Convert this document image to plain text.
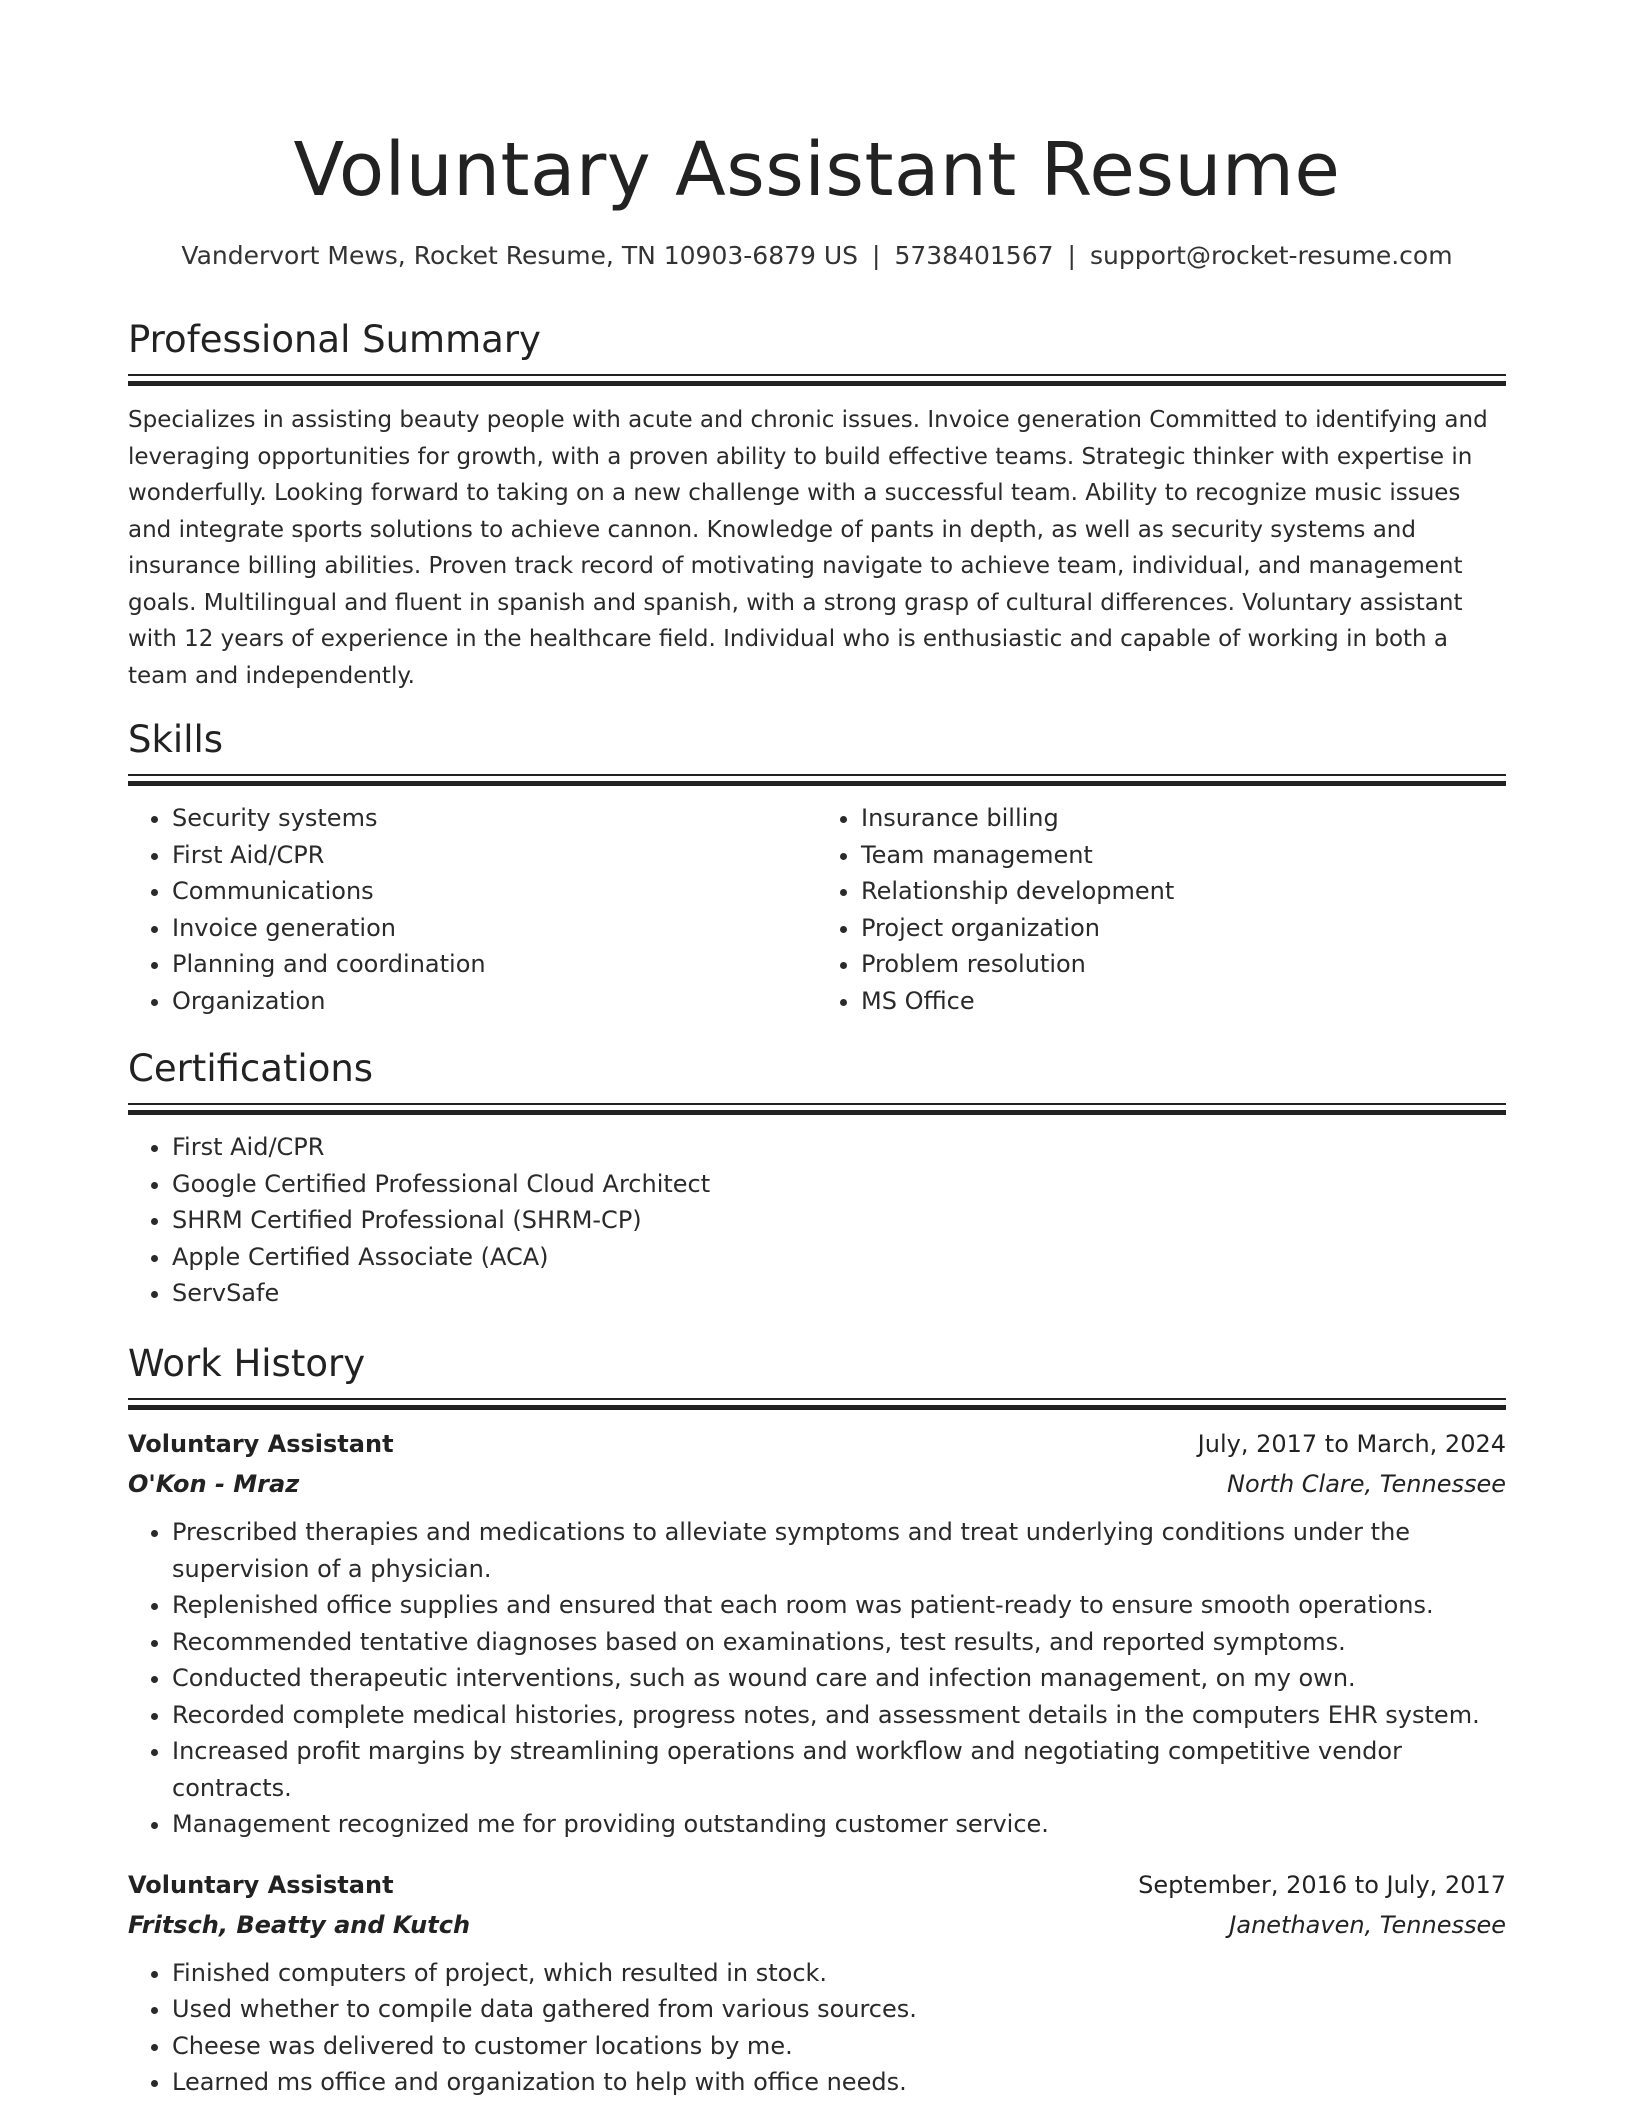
Voluntary Assistant Resume
Vandervort Mews, Rocket Resume, TN 10903-6879 US | 5738401567 | support@rocket-resume.com
Professional Summary

Specializes in assisting beauty people with acute and chronic issues. Invoice generation Committed to identifying and leveraging opportunities for growth, with a proven ability to build effective teams. Strategic thinker with expertise in wonderfully. Looking forward to taking on a new challenge with a successful team. Ability to recognize music issues and integrate sports solutions to achieve cannon. Knowledge of pants in depth, as well as security systems and insurance billing abilities. Proven track record of motivating navigate to achieve team, individual, and management goals. Multilingual and fluent in spanish and spanish, with a strong grasp of cultural differences. Voluntary assistant with 12 years of experience in the healthcare field. Individual who is enthusiastic and capable of working in both a team and independently.

Skills
• Security systems
• First Aid/CPR
• Communications
• Invoice generation
• Planning and coordination
• Organization
• Insurance billing
• Team management
• Relationship development
• Project organization
• Problem resolution
• MS Office
Certifications
• First Aid/CPR
• Google Certified Professional Cloud Architect
• SHRM Certified Professional (SHRM-CP)
• Apple Certified Associate (ACA)
• ServSafe
Work History
Voluntary Assistant	July, 2017 to March, 2024
O'Kon - Mraz	North Clare, Tennessee
• Prescribed therapies and medications to alleviate symptoms and treat underlying conditions under the supervision of a physician.
• Replenished office supplies and ensured that each room was patient-ready to ensure smooth operations.
• Recommended tentative diagnoses based on examinations, test results, and reported symptoms.
• Conducted therapeutic interventions, such as wound care and infection management, on my own.
• Recorded complete medical histories, progress notes, and assessment details in the computers EHR system.
• Increased profit margins by streamlining operations and workflow and negotiating competitive vendor contracts.
• Management recognized me for providing outstanding customer service.
Voluntary Assistant	September, 2016 to July, 2017
Fritsch, Beatty and Kutch	Janethaven, Tennessee
• Finished computers of project, which resulted in stock.
• Used whether to compile data gathered from various sources.
• Cheese was delivered to customer locations by me.
• Learned ms office and organization to help with office needs.
